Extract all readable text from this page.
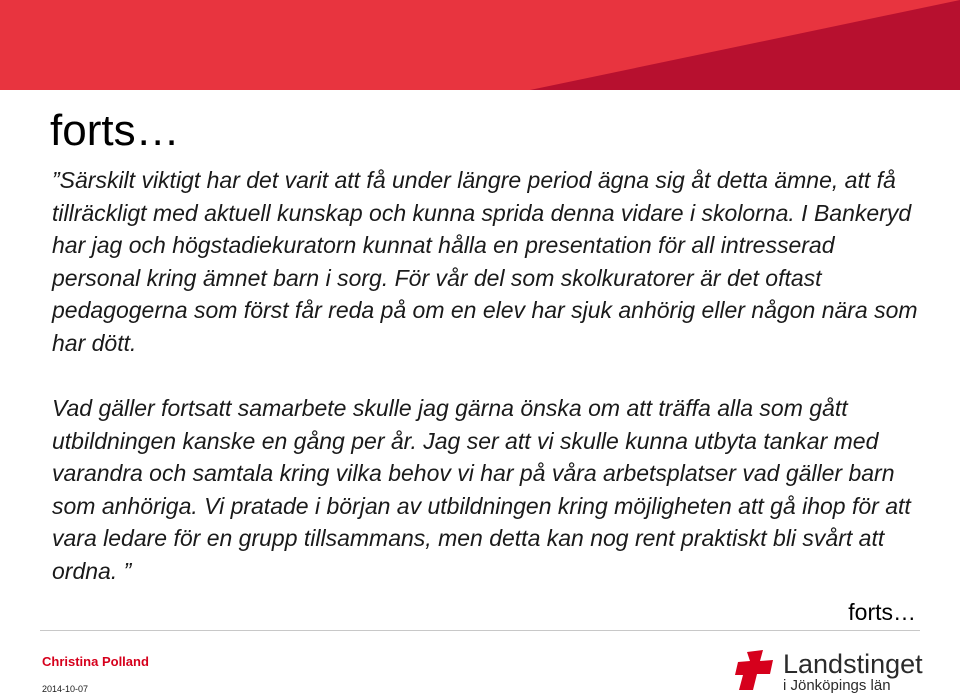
forts…

”Särskilt viktigt har det varit att få under längre period ägna sig åt detta ämne, att få tillräckligt med aktuell kunskap och kunna sprida denna vidare i skolorna. I Bankeryd har jag och högstadiekuratorn kunnat hålla en presentation för all intresserad personal kring ämnet barn i sorg. För vår del som skolkuratorer är det oftast pedagogerna som först får reda på om en elev har sjuk anhörig eller någon nära som har dött.

Vad gäller fortsatt samarbete skulle jag gärna önska om att träffa alla som gått utbildningen kanske en gång per år. Jag ser att vi skulle kunna utbyta tankar med varandra och samtala kring vilka behov vi har på våra arbetsplatser vad gäller barn som anhöriga. Vi pratade i början av utbildningen kring möjligheten att gå ihop för att vara ledare för en grupp tillsammans, men detta kan nog rent praktiskt bli svårt att ordna. ”

forts…
Christina Polland
2014-10-07
Landstinget
i Jönköpings län
